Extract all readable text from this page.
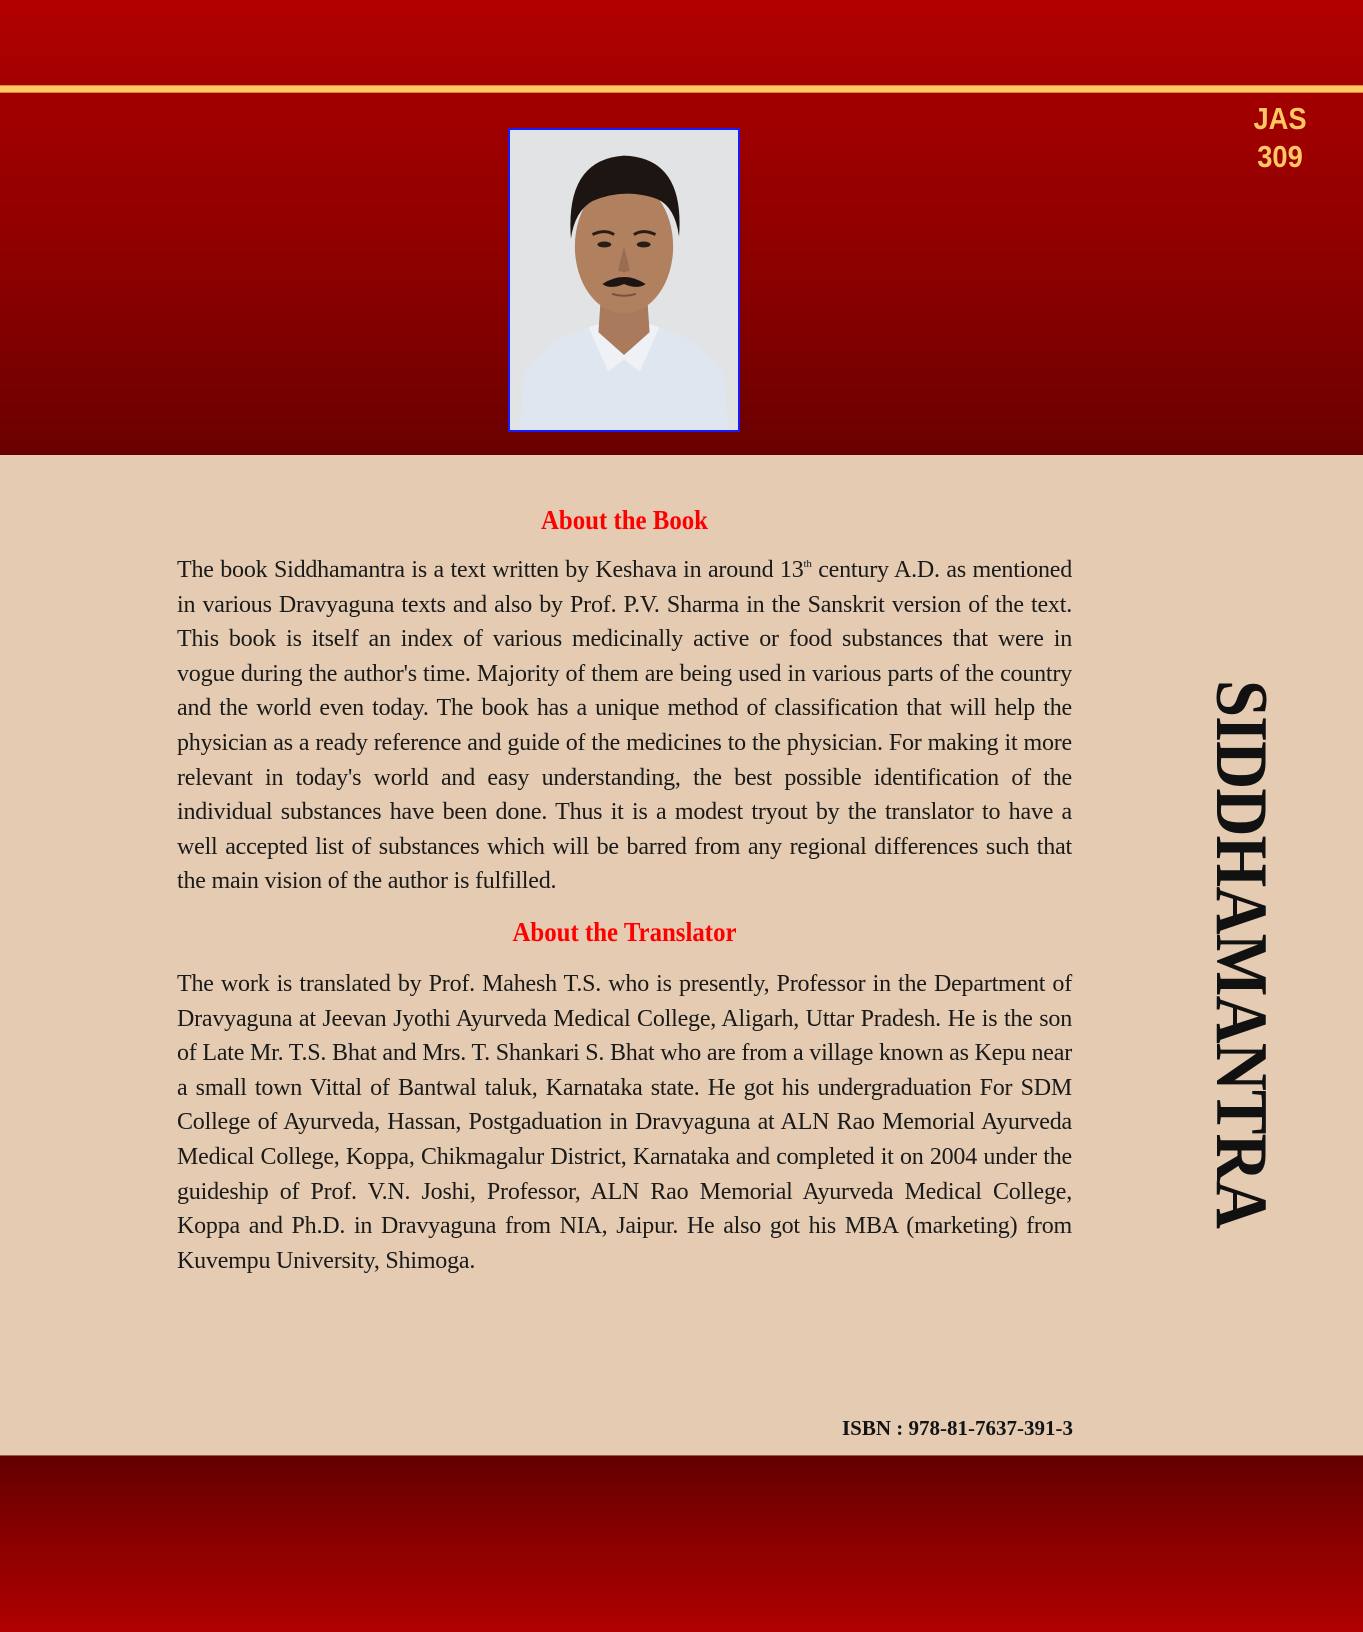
JAS
309
About the Book

The book Siddhamantra is a text written by Keshava in around 13th century A.D. as mentioned in various Dravyaguna texts and also by Prof. P.V. Sharma in the Sanskrit version of the text. This book is itself an index of various medicinally active or food substances that were in vogue during the author's time. Majority of them are being used in various parts of the country and the world even today. The book has a unique method of classification that will help the physician as a ready reference and guide of the medicines to the physician. For making it more relevant in today's world and easy understanding, the best possible identification of the individual substances have been done. Thus it is a modest tryout by the translator to have a well accepted list of substances which will be barred from any regional differences such that the main vision of the author is fulfilled.

About the Translator

The work is translated by Prof. Mahesh T.S. who is presently, Professor in the Department of Dravyaguna at Jeevan Jyothi Ayurveda Medical College, Aligarh, Uttar Pradesh. He is the son of Late Mr. T.S. Bhat and Mrs. T. Shankari S. Bhat who are from a village known as Kepu near a small town Vittal of Bantwal taluk, Karnataka state. He got his undergraduation For SDM College of Ayurveda, Hassan, Postgaduation in Dravyaguna at ALN Rao Memorial Ayurveda Medical College, Koppa, Chikmagalur District, Karnataka and completed it on 2004 under the guideship of Prof. V.N. Joshi, Professor, ALN Rao Memorial Ayurveda Medical College, Koppa and Ph.D. in Dravyaguna from NIA, Jaipur. He also got his MBA (marketing) from Kuvempu University, Shimoga.

ISBN : 978-81-7637-391-3
SIDDHAMANTRA
